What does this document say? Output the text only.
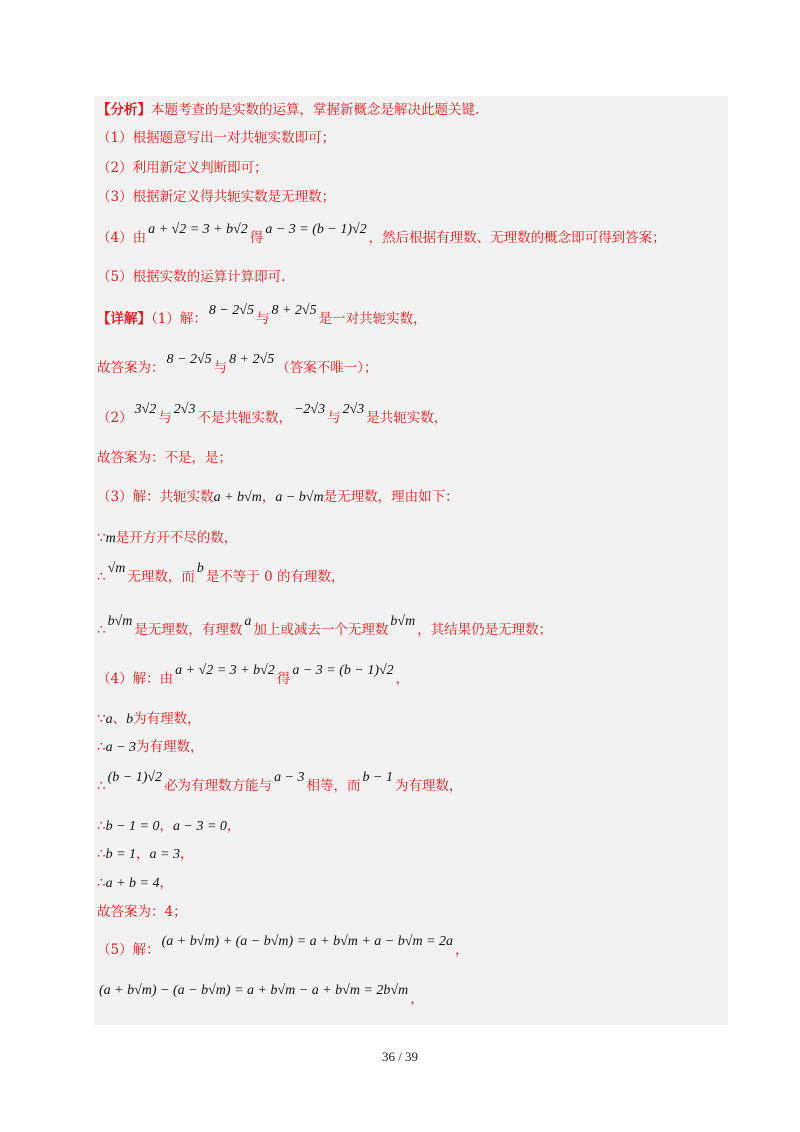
【分析】本题考查的是实数的运算，掌握新概念是解决此题关键.
（1）根据题意写出一对共轭实数即可；
（2）利用新定义判断即可；
（3）根据新定义得共轭实数是无理数；
（4）由a + √2 = 3 + b√2得a − 3 = (b − 1)√2，然后根据有理数、无理数的概念即可得到答案；
（5）根据实数的运算计算即可.
【详解】（1）解：8 − 2√5与8 + 2√5是一对共轭实数，
故答案为：8 − 2√5与8 + 2√5（答案不唯一）；
（2）3√2与2√3不是共轭实数，−2√3与2√3是共轭实数，
故答案为：不是，是；
（3）解：共轭实数a + b√m，a − b√m是无理数，理由如下：
∵m是开方开不尽的数，
∴√m无理数，而b是不等于 0 的有理数，
∴b√m是无理数，有理数a加上或减去一个无理数b√m，其结果仍是无理数；
（4）解：由a + √2 = 3 + b√2得a − 3 = (b − 1)√2，
∵a、b为有理数，
∴a − 3为有理数，
∴(b − 1)√2必为有理数方能与a − 3相等，而b − 1为有理数，
∴b − 1 = 0，a − 3 = 0，
∴b = 1，a = 3，
∴a + b = 4，
故答案为：4；
（5）解：(a + b√m) + (a − b√m) = a + b√m + a − b√m = 2a，
(a + b√m) − (a − b√m) = a + b√m − a + b√m = 2b√m，
36 / 39
